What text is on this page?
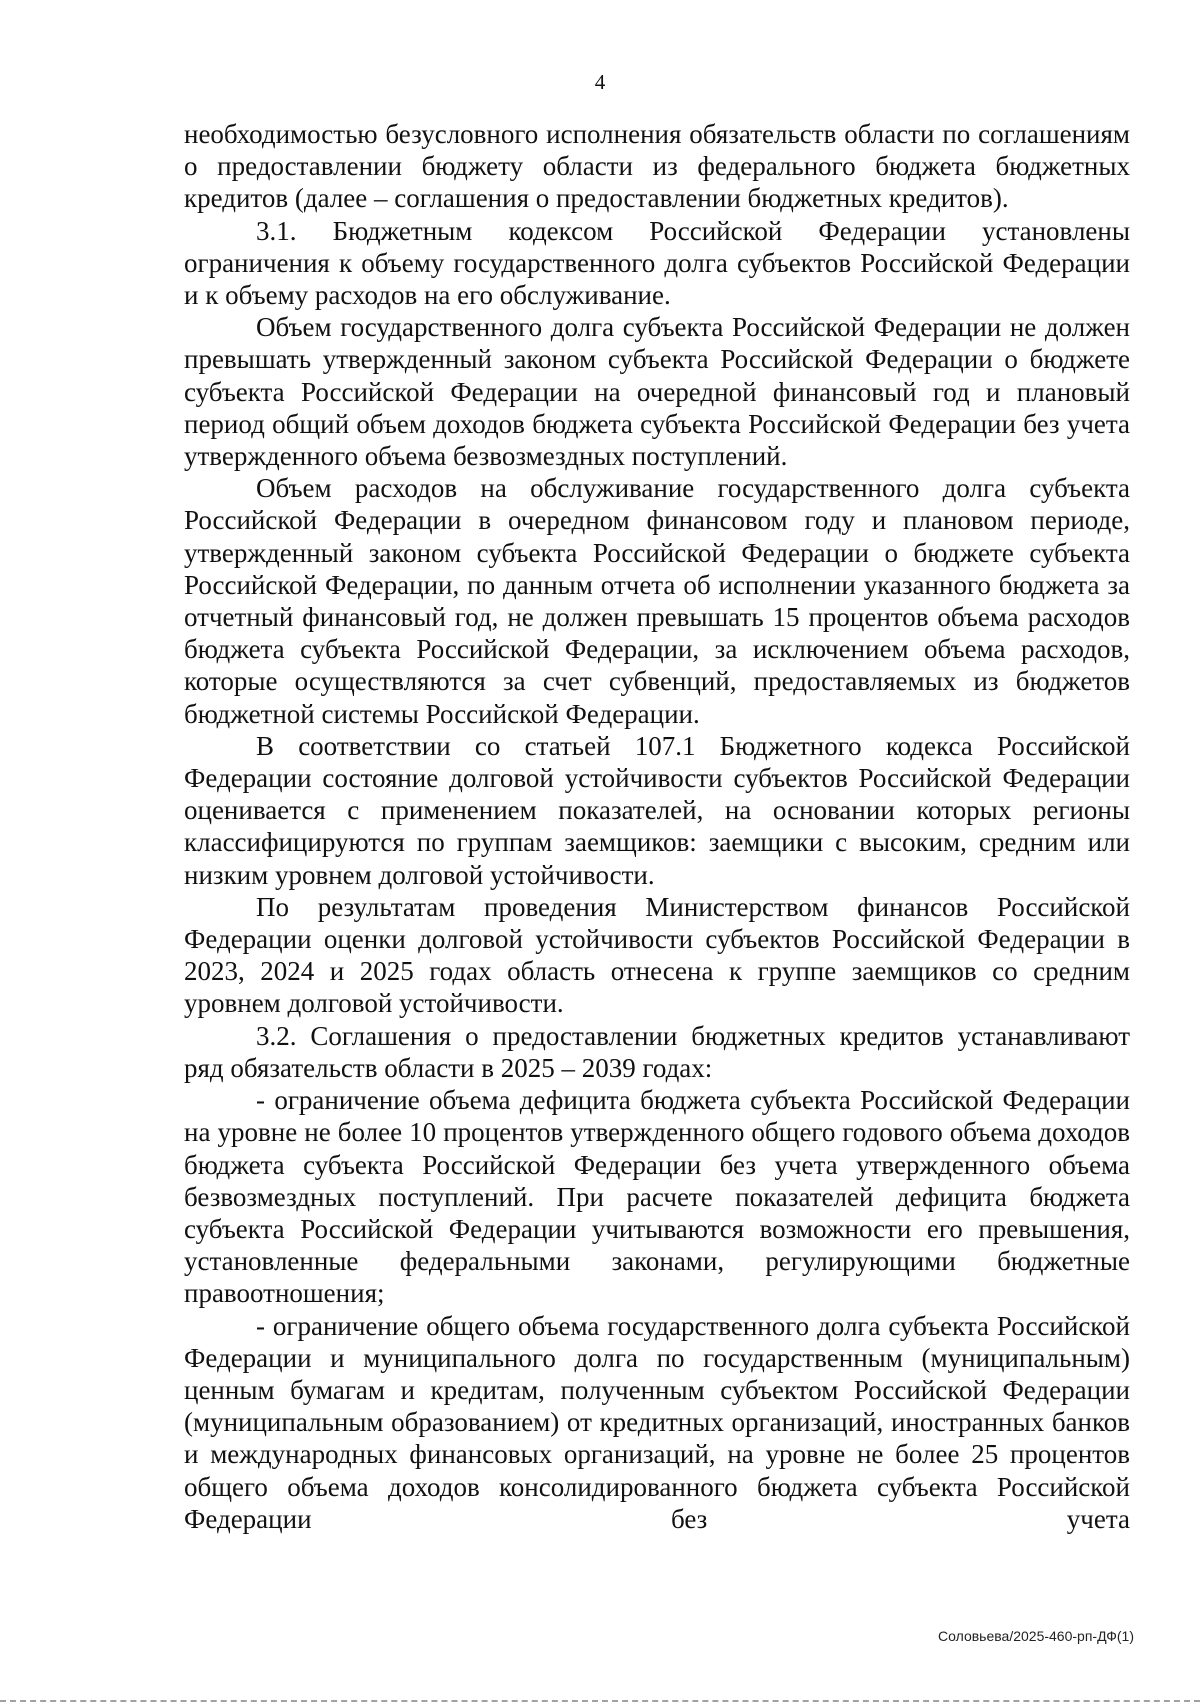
4

необходимостью безусловного исполнения обязательств области по соглашениям о предоставлении бюджету области из федерального бюджета бюджетных кредитов (далее – соглашения о предоставлении бюджетных кредитов).

3.1. Бюджетным кодексом Российской Федерации установлены ограничения к объему государственного долга субъектов Российской Федерации и к объему расходов на его обслуживание.

Объем государственного долга субъекта Российской Федерации не должен превышать утвержденный законом субъекта Российской Федерации о бюджете субъекта Российской Федерации на очередной финансовый год и плановый период общий объем доходов бюджета субъекта Российской Федерации без учета утвержденного объема безвозмездных поступлений.

Объем расходов на обслуживание государственного долга субъекта Российской Федерации в очередном финансовом году и плановом периоде, утвержденный законом субъекта Российской Федерации о бюджете субъекта Российской Федерации, по данным отчета об исполнении указанного бюджета за отчетный финансовый год, не должен превышать 15 процентов объема расходов бюджета субъекта Российской Федерации, за исключением объема расходов, которые осуществляются за счет субвенций, предоставляемых из бюджетов бюджетной системы Российской Федерации.

В соответствии со статьей 107.1 Бюджетного кодекса Российской Федерации состояние долговой устойчивости субъектов Российской Федерации оценивается с применением показателей, на основании которых регионы классифицируются по группам заемщиков: заемщики с высоким, средним или низким уровнем долговой устойчивости.

По результатам проведения Министерством финансов Российской Федерации оценки долговой устойчивости субъектов Российской Федерации в 2023, 2024 и 2025 годах область отнесена к группе заемщиков со средним уровнем долговой устойчивости.

3.2. Соглашения о предоставлении бюджетных кредитов устанавливают ряд обязательств области в 2025 – 2039 годах:

- ограничение объема дефицита бюджета субъекта Российской Федерации на уровне не более 10 процентов утвержденного общего годового объема доходов бюджета субъекта Российской Федерации без учета утвержденного объема безвозмездных поступлений. При расчете показателей дефицита бюджета субъекта Российской Федерации учитываются возможности его превышения, установленные федеральными законами, регулирующими бюджетные правоотношения;

- ограничение общего объема государственного долга субъекта Российской Федерации и муниципального долга по государственным (муниципальным) ценным бумагам и кредитам, полученным субъектом Российской Федерации (муниципальным образованием) от кредитных организаций, иностранных банков и международных финансовых организаций, на уровне не более 25 процентов общего объема доходов консолидированного бюджета субъекта Российской Федерации без учета

Соловьева/2025-460-рп-ДФ(1)
